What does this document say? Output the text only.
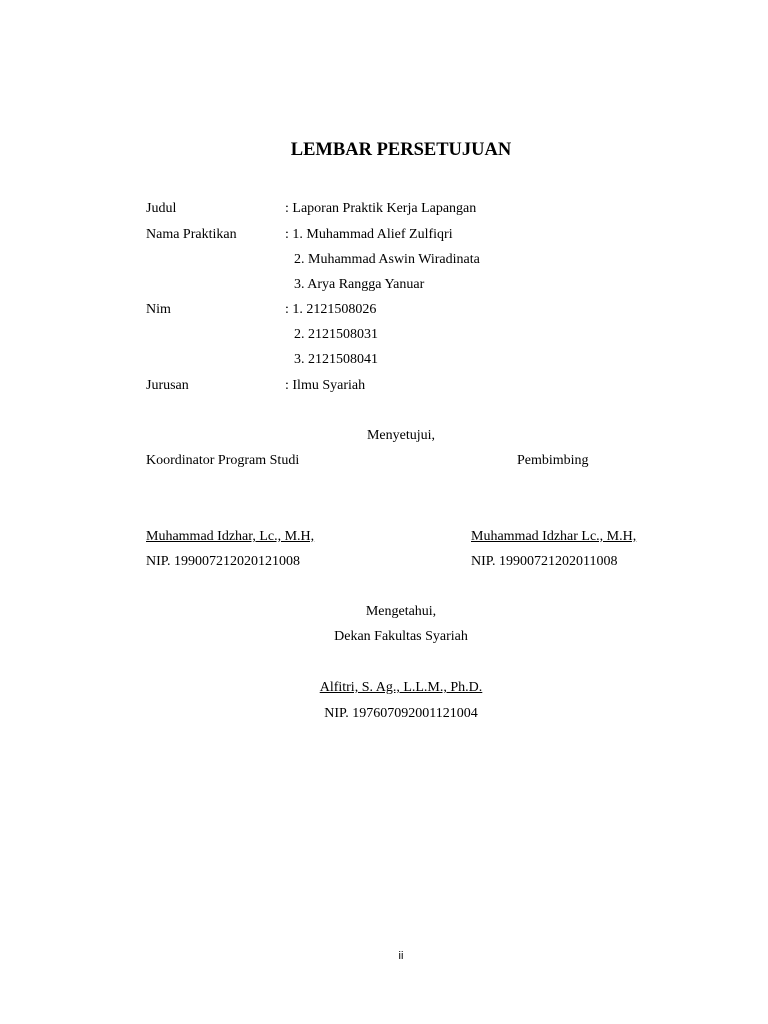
LEMBAR PERSETUJUAN
Judul	: Laporan Praktik Kerja Lapangan
Nama Praktikan	: 1. Muhammad Alief Zulfiqri
2. Muhammad Aswin Wiradinata
3. Arya Rangga Yanuar
Nim	: 1. 2121508026
2. 2121508031
3. 2121508041
Jurusan	: Ilmu Syariah
Menyetujui,
Koordinator Program Studi	Pembimbing
Muhammad Idzhar, Lc., M.H,	Muhammad Idzhar Lc., M.H,
NIP. 199007212020121008	NIP. 19900721202011008
Mengetahui,
Dekan Fakultas Syariah
Alfitri, S. Ag., L.L.M., Ph.D.
NIP. 197607092001121004
ii
